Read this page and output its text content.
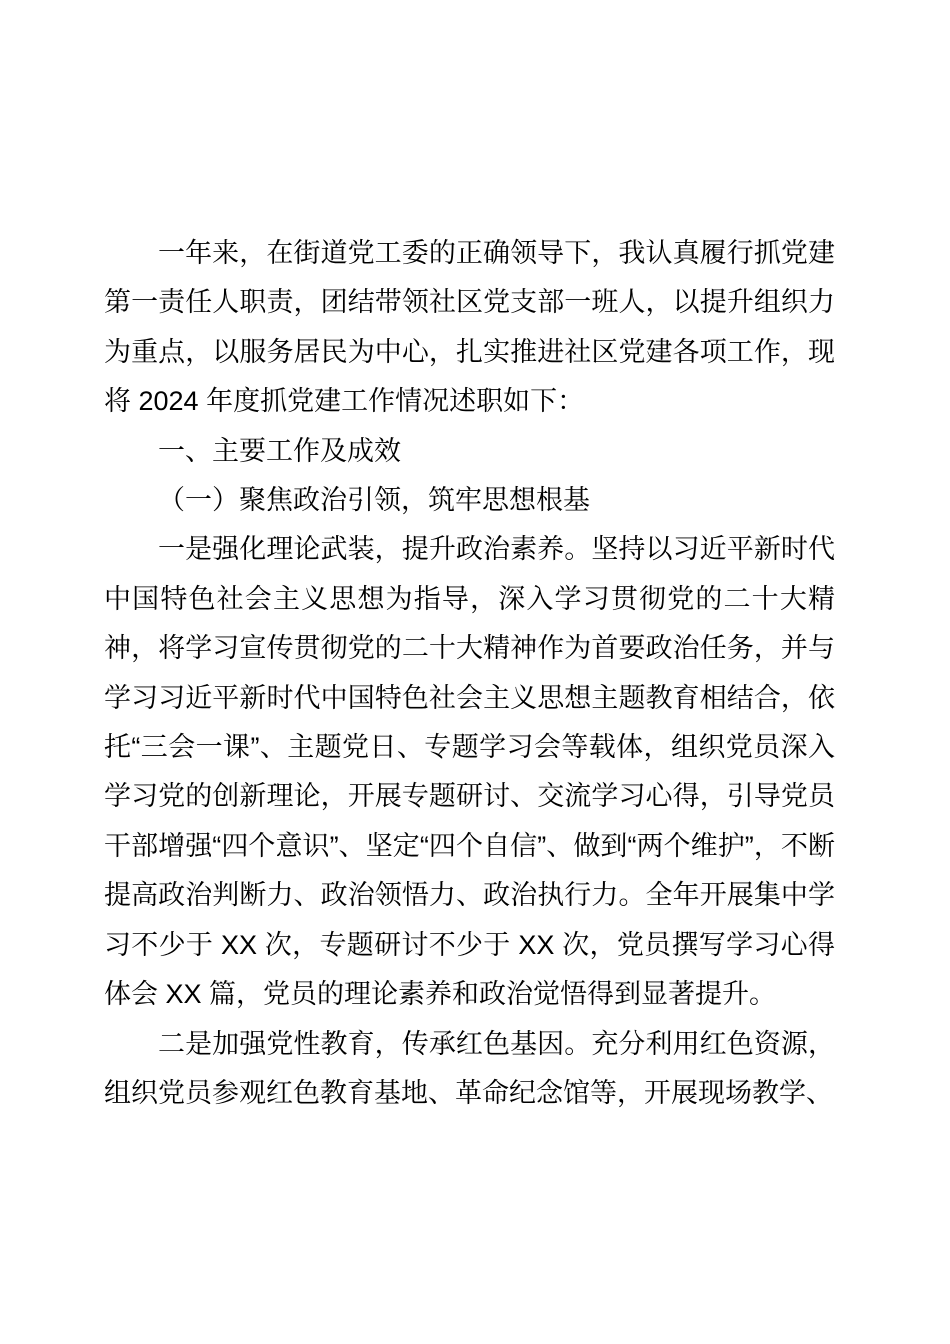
一年来，在街道党工委的正确领导下，我认真履行抓党建第一责任人职责，团结带领社区党支部一班人，以提升组织力为重点，以服务居民为中心，扎实推进社区党建各项工作，现将 2024 年度抓党建工作情况述职如下：

一、主要工作及成效

（一）聚焦政治引领，筑牢思想根基

一是强化理论武装，提升政治素养。坚持以习近平新时代中国特色社会主义思想为指导，深入学习贯彻党的二十大精神，将学习宣传贯彻党的二十大精神作为首要政治任务，并与学习习近平新时代中国特色社会主义思想主题教育相结合，依托“三会一课”、主题党日、专题学习会等载体，组织党员深入学习党的创新理论，开展专题研讨、交流学习心得，引导党员干部增强“四个意识”、坚定“四个自信”、做到“两个维护”，不断提高政治判断力、政治领悟力、政治执行力。全年开展集中学习不少于 XX 次，专题研讨不少于 XX 次，党员撰写学习心得体会 XX 篇，党员的理论素养和政治觉悟得到显著提升。

二是加强党性教育，传承红色基因。充分利用红色资源，组织党员参观红色教育基地、革命纪念馆等，开展现场教学、
